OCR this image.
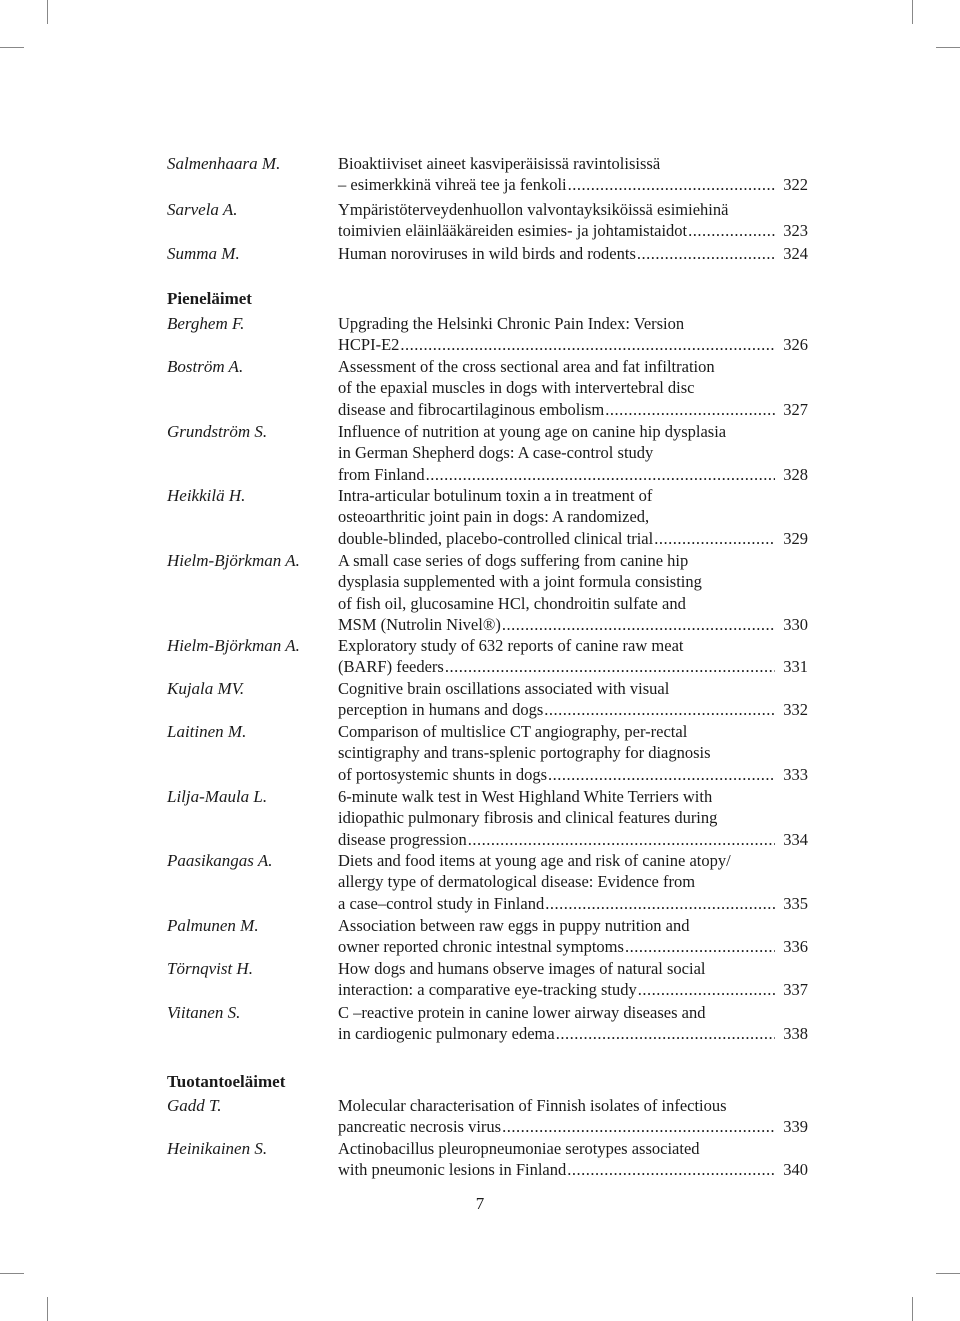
Pieneläimet
Tuotantoeläimet
Salmenhaara M.	Bioaktiiviset aineet kasviperäisissä ravintolisissä
– esimerkkinä vihreä tee ja fenkoli .....	322
Sarvela A.	Ympäristöterveydenhuollon valvontayksiköissä esimiehinä
toimivien eläinlääkäreiden esimies- ja johtamistaidot .....	323
Summa M.	Human noroviruses in wild birds and rodents .....	324
Berghem F.	Upgrading the Helsinki Chronic Pain Index: Version
HCPI-E2 .....	326
Boström A.	Assessment of the cross sectional area and fat infiltration
of the epaxial muscles in dogs with intervertebral disc
disease and fibrocartilaginous embolism .....	327
Grundström S.	Influence of nutrition at young age on canine hip dysplasia
in German Shepherd dogs: A case-control study
from Finland .....	328
Heikkilä H.	Intra-articular botulinum toxin a in treatment of
osteoarthritic joint pain in dogs: A randomized,
double-blinded, placebo-controlled clinical trial .....	329
Hielm-Björkman A. A small case series of dogs suffering from canine hip
dysplasia supplemented with a joint formula consisting
of fish oil, glucosamine HCl, chondroitin sulfate and
MSM (Nutrolin Nivel®) .....	330
Hielm-Björkman A. Exploratory study of 632 reports of canine raw meat
(BARF) feeders .....	331
Kujala MV.	Cognitive brain oscillations associated with visual
perception in humans and dogs .....	332
Laitinen M.	Comparison of multislice CT angiography, per-rectal
scintigraphy and trans-splenic portography for diagnosis
of portosystemic shunts in dogs .....	333
Lilja-Maula L.	6-minute walk test in West Highland White Terriers with
idiopathic pulmonary fibrosis and clinical features during
disease progression .....	334
Paasikangas A.	Diets and food items at young age and risk of canine atopy/
allergy type of dermatological disease: Evidence from
a case–control study in Finland .....	335
Palmunen M.	Association between raw eggs in puppy nutrition and
owner reported chronic intestnal symptoms .....	336
Törnqvist H.	How dogs and humans observe images of natural social
interaction: a comparative eye-tracking study .....	337
Viitanen S.	C –reactive protein in canine lower airway diseases and
in cardiogenic pulmonary edema .....	338
Gadd T.	Molecular characterisation of Finnish isolates of infectious
pancreatic necrosis virus .....	339
Heinikainen S.	Actinobacillus pleuropneumoniae serotypes associated
with pneumonic lesions in Finland .....	340
7
